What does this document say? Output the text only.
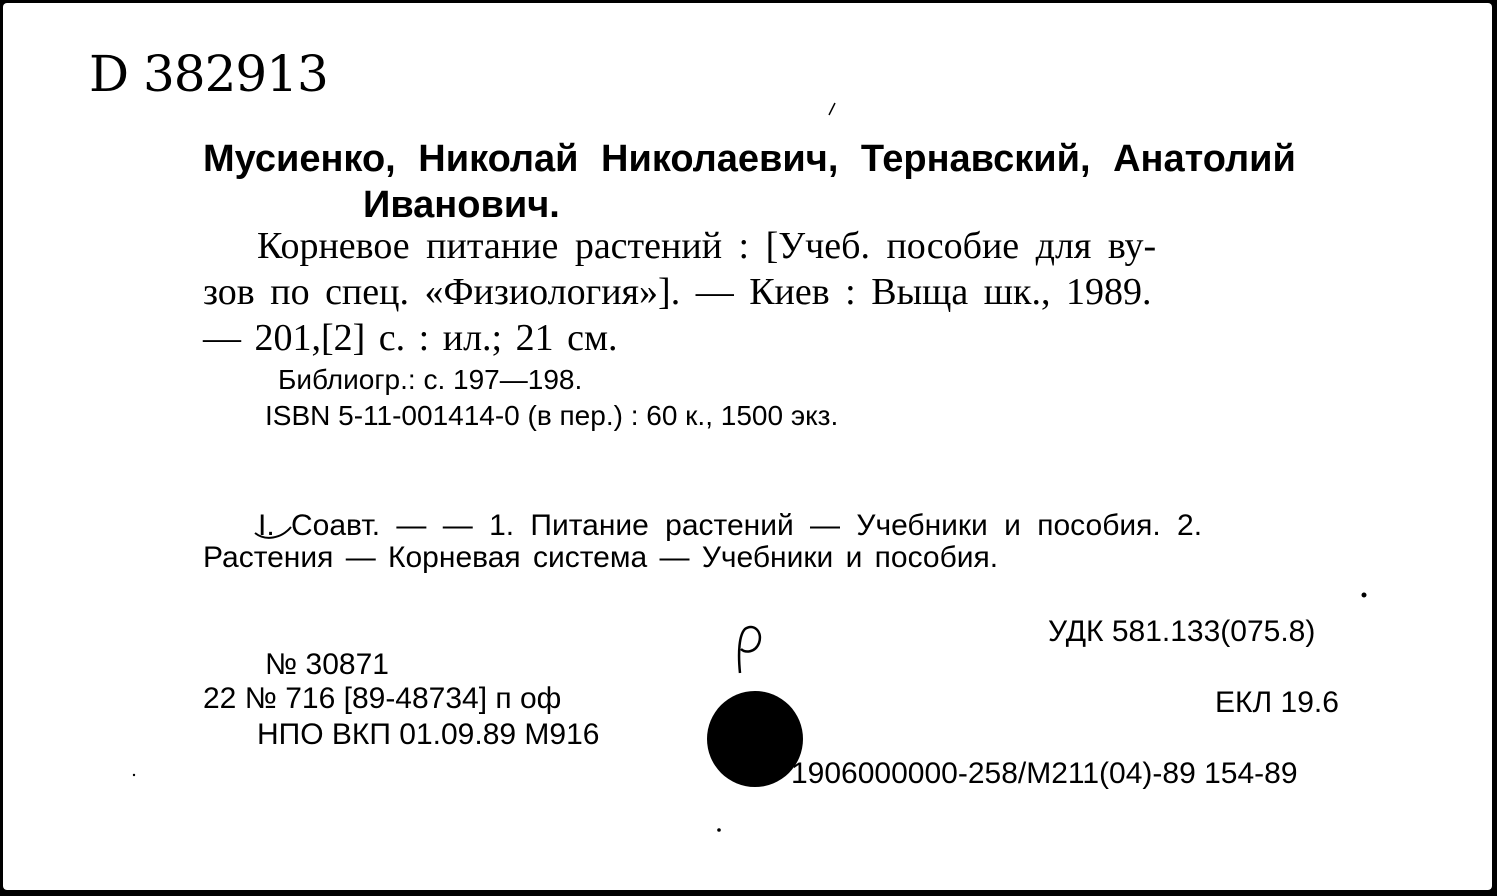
D 382913
Мусиенко, Николай Николаевич, Тернавский, Анатолий
Иванович.
Корневое питание растений : [Учеб. пособие для ву-
зов по спец. «Физиология»]. — Киев : Выща шк., 1989.
— 201,[2] с. : ил.; 21 см.
Библиогр.: с. 197—198.
ISBN 5-11-001414-0 (в пер.) : 60 к., 1500 экз.
I. Соавт. — — 1. Питание растений — Учебники и пособия. 2.
Растения — Корневая система — Учебники и пособия.
УДК 581.133(075.8)
№ 30871
22 № 716 [89-48734] п оф	ЕКЛ 19.6
НПО ВКП 01.09.89 М916
1906000000-258/М211(04)-89 154-89
